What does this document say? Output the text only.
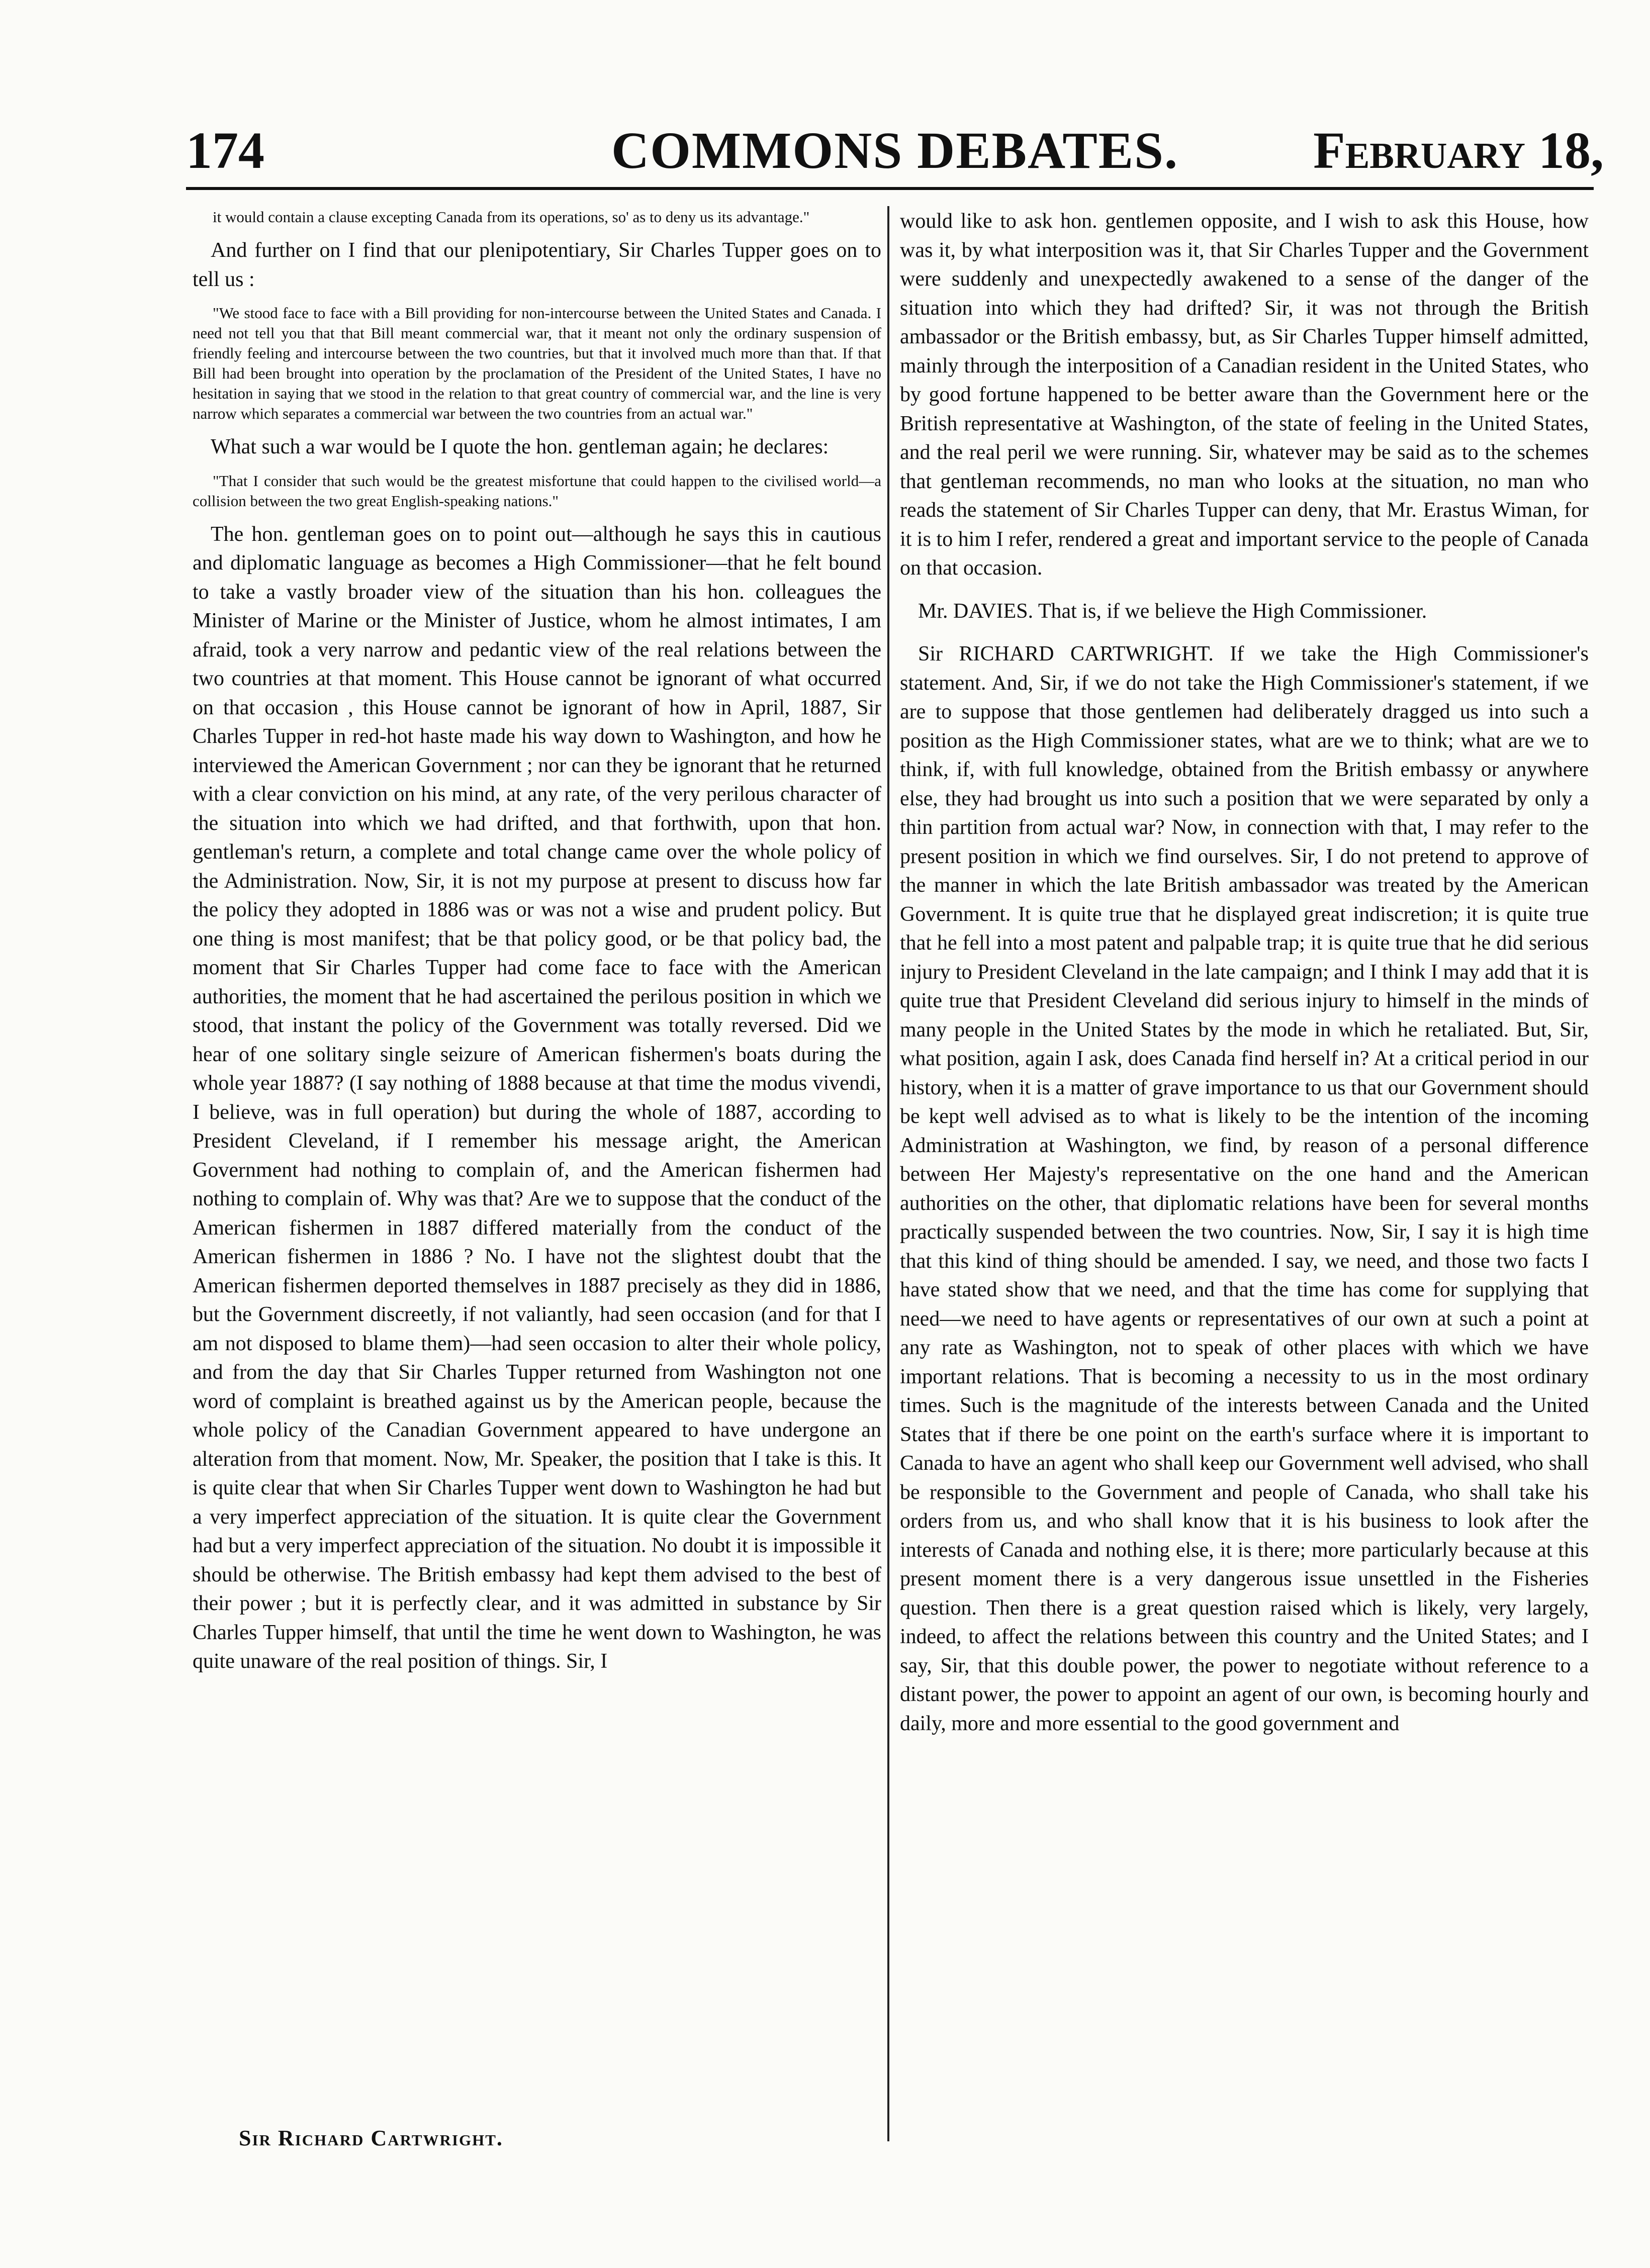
174	COMMONS DEBATES.	February 18,
it would contain a clause excepting Canada from its operations, so' as to deny us its advantage."

And further on I find that our plenipotentiary, Sir Charles Tupper goes on to tell us :

"We stood face to face with a Bill providing for non-intercourse between the United States and Canada. I need not tell you that that Bill meant commercial war, that it meant not only the ordinary suspension of friendly feeling and intercourse between the two countries, but that it involved much more than that. If that Bill had been brought into operation by the proclamation of the President of the United States, I have no hesitation in saying that we stood in the relation to that great country of commercial war, and the line is very narrow which separates a commercial war between the two countries from an actual war."

What such a war would be I quote the hon. gentleman again; he declares:

"That I consider that such would be the greatest misfortune that could happen to the civilised world—a collision between the two great English-speaking nations."

The hon. gentleman goes on to point out—although he says this in cautious and diplomatic language as becomes a High Commissioner—that he felt bound to take a vastly broader view of the situation than his hon. colleagues the Minister of Marine or the Minister of Justice, whom he almost intimates, I am afraid, took a very narrow and pedantic view of the real relations between the two countries at that moment. This House cannot be ignorant of what occurred on that occasion , this House cannot be ignorant of how in April, 1887, Sir Charles Tupper in red-hot haste made his way down to Washington, and how he interviewed the American Government ; nor can they be ignorant that he returned with a clear conviction on his mind, at any rate, of the very perilous character of the situation into which we had drifted, and that forthwith, upon that hon. gentleman's return, a complete and total change came over the whole policy of the Administration. Now, Sir, it is not my purpose at present to discuss how far the policy they adopted in 1886 was or was not a wise and prudent policy. But one thing is most manifest; that be that policy good, or be that policy bad, the moment that Sir Charles Tupper had come face to face with the American authorities, the moment that he had ascertained the perilous position in which we stood, that instant the policy of the Government was totally reversed. Did we hear of one solitary single seizure of American fishermen's boats during the whole year 1887? (I say nothing of 1888 because at that time the modus vivendi, I believe, was in full operation) but during the whole of 1887, according to President Cleveland, if I remember his message aright, the American Government had nothing to complain of, and the American fishermen had nothing to complain of. Why was that? Are we to suppose that the conduct of the American fishermen in 1887 differed materially from the conduct of the American fishermen in 1886 ? No. I have not the slightest doubt that the American fishermen deported themselves in 1887 precisely as they did in 1886, but the Government discreetly, if not valiantly, had seen occasion (and for that I am not disposed to blame them)—had seen occasion to alter their whole policy, and from the day that Sir Charles Tupper returned from Washington not one word of complaint is breathed against us by the American people, because the whole policy of the Canadian Government appeared to have undergone an alteration from that moment. Now, Mr. Speaker, the position that I take is this. It is quite clear that when Sir Charles Tupper went down to Washington he had but a very imperfect appreciation of the situation. It is quite clear the Government had but a very imperfect appreciation of the situation. No doubt it is impossible it should be otherwise. The British embassy had kept them advised to the best of their power ; but it is perfectly clear, and it was admitted in substance by Sir Charles Tupper himself, that until the time he went down to Washington, he was quite unaware of the real position of things. Sir, I

would like to ask hon. gentlemen opposite, and I wish to ask this House, how was it, by what interposition was it, that Sir Charles Tupper and the Government were suddenly and unexpectedly awakened to a sense of the danger of the situation into which they had drifted? Sir, it was not through the British ambassador or the British embassy, but, as Sir Charles Tupper himself admitted, mainly through the interposition of a Canadian resident in the United States, who by good fortune happened to be better aware than the Government here or the British representative at Washington, of the state of feeling in the United States, and the real peril we were running. Sir, whatever may be said as to the schemes that gentleman recommends, no man who looks at the situation, no man who reads the statement of Sir Charles Tupper can deny, that Mr. Erastus Wiman, for it is to him I refer, rendered a great and important service to the people of Canada on that occasion.

Mr. DAVIES. That is, if we believe the High Commissioner.

Sir RICHARD CARTWRIGHT. If we take the High Commissioner's statement. And, Sir, if we do not take the High Commissioner's statement, if we are to suppose that those gentlemen had deliberately dragged us into such a position as the High Commissioner states, what are we to think; what are we to think, if, with full knowledge, obtained from the British embassy or anywhere else, they had brought us into such a position that we were separated by only a thin partition from actual war? Now, in connection with that, I may refer to the present position in which we find ourselves. Sir, I do not pretend to approve of the manner in which the late British ambassador was treated by the American Government. It is quite true that he displayed great indiscretion; it is quite true that he fell into a most patent and palpable trap; it is quite true that he did serious injury to President Cleveland in the late campaign; and I think I may add that it is quite true that President Cleveland did serious injury to himself in the minds of many people in the United States by the mode in which he retaliated. But, Sir, what position, again I ask, does Canada find herself in? At a critical period in our history, when it is a matter of grave importance to us that our Government should be kept well advised as to what is likely to be the intention of the incoming Administration at Washington, we find, by reason of a personal difference between Her Majesty's representative on the one hand and the American authorities on the other, that diplomatic relations have been for several months practically suspended between the two countries. Now, Sir, I say it is high time that this kind of thing should be amended. I say, we need, and those two facts I have stated show that we need, and that the time has come for supplying that need—we need to have agents or representatives of our own at such a point at any rate as Washington, not to speak of other places with which we have important relations. That is becoming a necessity to us in the most ordinary times. Such is the magnitude of the interests between Canada and the United States that if there be one point on the earth's surface where it is important to Canada to have an agent who shall keep our Government well advised, who shall be responsible to the Government and people of Canada, who shall take his orders from us, and who shall know that it is his business to look after the interests of Canada and nothing else, it is there; more particularly because at this present moment there is a very dangerous issue unsettled in the Fisheries question. Then there is a great question raised which is likely, very largely, indeed, to affect the relations between this country and the United States; and I say, Sir, that this double power, the power to negotiate without reference to a distant power, the power to appoint an agent of our own, is becoming hourly and daily, more and more essential to the good government and

Sir Richard Cartwright.
